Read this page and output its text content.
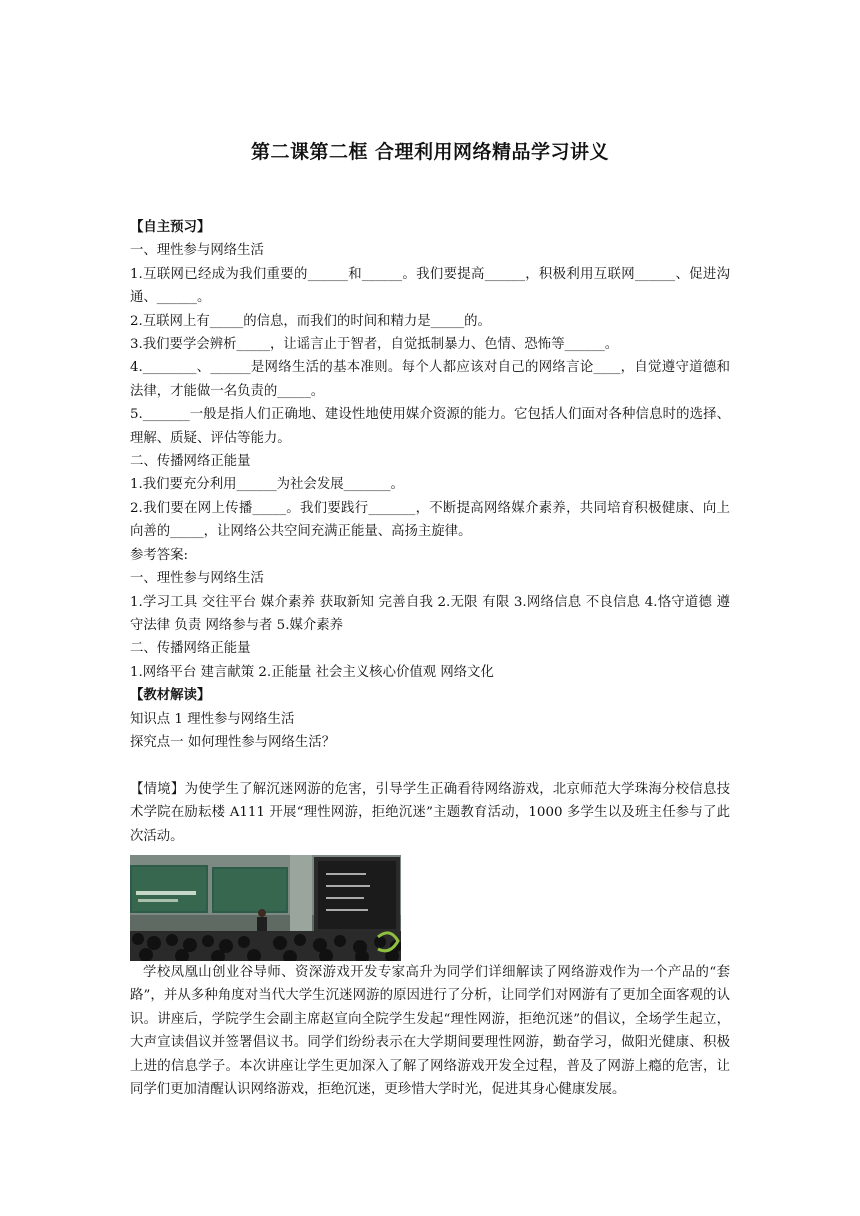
第二课第二框 合理利用网络精品学习讲义

【自主预习】

一、理性参与网络生活

1.互联网已经成为我们重要的______和______。我们要提高______，积极利用互联网______、促进沟通、______。

2.互联网上有_____的信息，而我们的时间和精力是_____的。

3.我们要学会辨析_____，让谣言止于智者，自觉抵制暴力、色情、恐怖等______。

4.________、______是网络生活的基本准则。每个人都应该对自己的网络言论____，自觉遵守道德和法律，才能做一名负责的_____。

5._______一般是指人们正确地、建设性地使用媒介资源的能力。它包括人们面对各种信息时的选择、理解、质疑、评估等能力。

二、传播网络正能量

1.我们要充分利用______为社会发展_______。

2.我们要在网上传播_____。我们要践行_______，不断提高网络媒介素养，共同培育积极健康、向上向善的_____，让网络公共空间充满正能量、高扬主旋律。

参考答案:

一、理性参与网络生活

1.学习工具 交往平台 媒介素养 获取新知 完善自我 2.无限 有限 3.网络信息 不良信息 4.恪守道德 遵守法律 负责 网络参与者 5.媒介素养

二、传播网络正能量

1.网络平台 建言献策 2.正能量 社会主义核心价值观 网络文化

【教材解读】

知识点 1 理性参与网络生活

探究点一 如何理性参与网络生活？

【情境】为使学生了解沉迷网游的危害，引导学生正确看待网络游戏，北京师范大学珠海分校信息技术学院在励耘楼 A111 开展“理性网游，拒绝沉迷”主题教育活动，1000 多学生以及班主任参与了此次活动。

学校凤凰山创业谷导师、资深游戏开发专家高升为同学们详细解读了网络游戏作为一个产品的“套路”，并从多种角度对当代大学生沉迷网游的原因进行了分析，让同学们对网游有了更加全面客观的认识。讲座后，学院学生会副主席赵宣向全院学生发起“理性网游，拒绝沉迷”的倡议，全场学生起立，大声宣读倡议并签署倡议书。同学们纷纷表示在大学期间要理性网游，勤奋学习，做阳光健康、积极上进的信息学子。本次讲座让学生更加深入了解了网络游戏开发全过程，普及了网游上瘾的危害，让同学们更加清醒认识网络游戏，拒绝沉迷，更珍惜大学时光，促进其身心健康发展。
